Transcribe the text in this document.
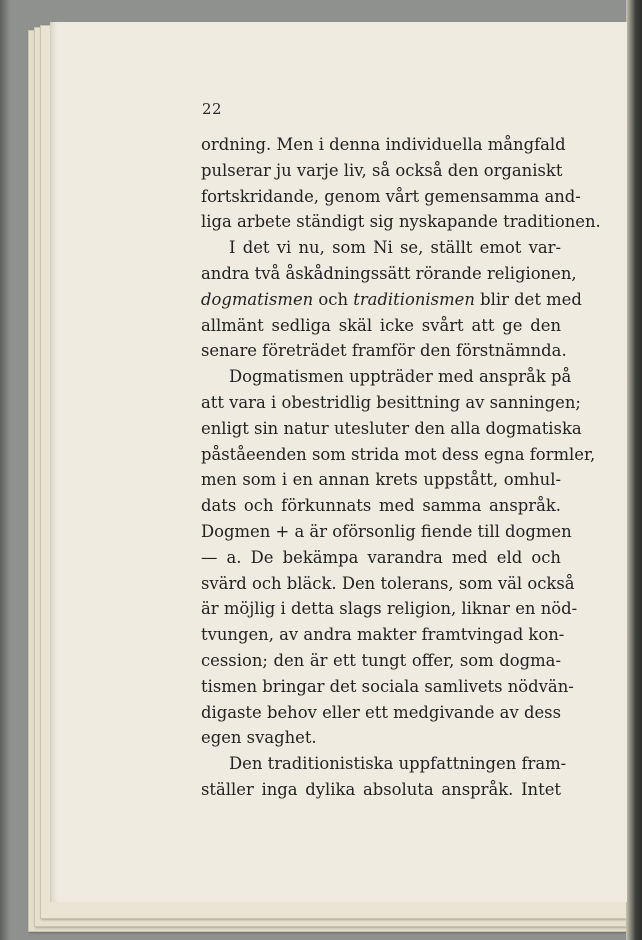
22
ordning. Men i denna individuella mångfald
pulserar ju varje liv, så också den organiskt
fortskridande, genom vårt gemensamma and-
liga arbete ständigt sig nyskapande traditionen.
I det vi nu, som Ni se, ställt emot var-
andra två åskådningssätt rörande religionen,
dogmatismen och traditionismen blir det med
allmänt sedliga skäl icke svårt att ge den
senare företrädet framför den förstnämnda.
Dogmatismen uppträder med anspråk på
att vara i obestridlig besittning av sanningen;
enligt sin natur utesluter den alla dogmatiska
påståeenden som strida mot dess egna formler,
men som i en annan krets uppstått, omhul-
dats och förkunnats med samma anspråk.
Dogmen + a är oförsonlig fiende till dogmen
— a. De bekämpa varandra med eld och
svärd och bläck. Den tolerans, som väl också
är möjlig i detta slags religion, liknar en nöd-
tvungen, av andra makter framtvingad kon-
cession; den är ett tungt offer, som dogma-
tismen bringar det sociala samlivets nödvän-
digaste behov eller ett medgivande av dess
egen svaghet.
Den traditionistiska uppfattningen fram-
ställer inga dylika absoluta anspråk. Intet
